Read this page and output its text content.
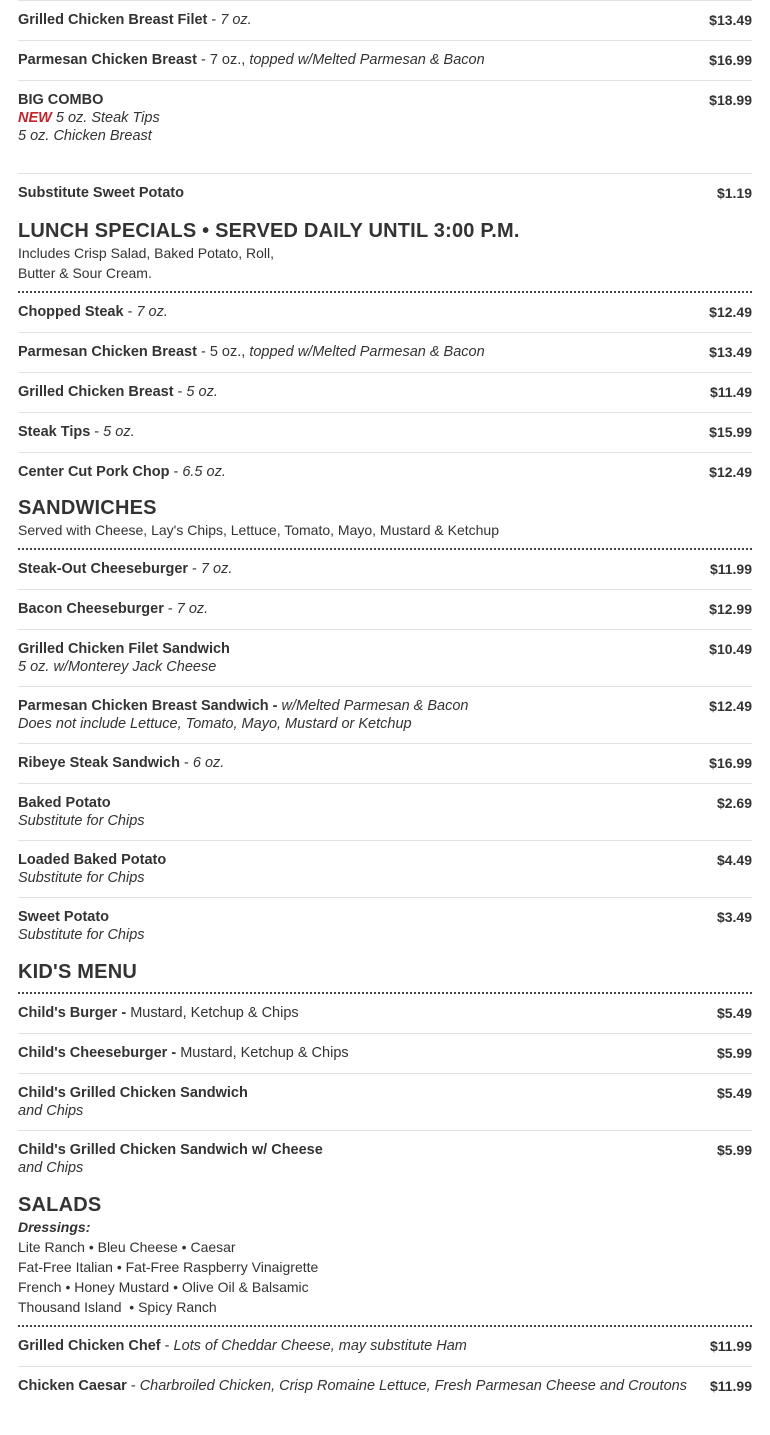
Grilled Chicken Breast Filet - 7 oz.	$13.49
Parmesan Chicken Breast - 7 oz., topped w/Melted Parmesan & Bacon	$16.99
BIG COMBO
NEW 5 oz. Steak Tips
5 oz. Chicken Breast
$18.99
Substitute Sweet Potato	$1.19
LUNCH SPECIALS • SERVED DAILY UNTIL 3:00 P.M.
Includes Crisp Salad, Baked Potato, Roll,
Butter & Sour Cream.
Chopped Steak - 7 oz.	$12.49
Parmesan Chicken Breast - 5 oz., topped w/Melted Parmesan & Bacon	$13.49
Grilled Chicken Breast - 5 oz.	$11.49
Steak Tips - 5 oz.	$15.99
Center Cut Pork Chop - 6.5 oz.	$12.49
SANDWICHES
Served with Cheese, Lay's Chips, Lettuce, Tomato, Mayo, Mustard & Ketchup
Steak-Out Cheeseburger - 7 oz.	$11.99
Bacon Cheeseburger - 7 oz.	$12.99
Grilled Chicken Filet Sandwich
5 oz. w/Monterey Jack Cheese
$10.49
Parmesan Chicken Breast Sandwich - w/Melted Parmesan & Bacon
Does not include Lettuce, Tomato, Mayo, Mustard or Ketchup
$12.49
Ribeye Steak Sandwich - 6 oz.	$16.99
Baked Potato
Substitute for Chips
$2.69
Loaded Baked Potato
Substitute for Chips
$4.49
Sweet Potato
Substitute for Chips
$3.49
KID'S MENU
Child's Burger - Mustard, Ketchup & Chips	$5.49
Child's Cheeseburger - Mustard, Ketchup & Chips	$5.99
Child's Grilled Chicken Sandwich
and Chips
$5.49
Child's Grilled Chicken Sandwich w/ Cheese
and Chips
$5.99
SALADS
Dressings:
Lite Ranch • Bleu Cheese • Caesar
Fat-Free Italian • Fat-Free Raspberry Vinaigrette
French • Honey Mustard • Olive Oil & Balsamic
Thousand Island  • Spicy Ranch
Grilled Chicken Chef - Lots of Cheddar Cheese, may substitute Ham	$11.99
Chicken Caesar - Charbroiled Chicken, Crisp Romaine Lettuce, Fresh Parmesan Cheese and Croutons $11.99
